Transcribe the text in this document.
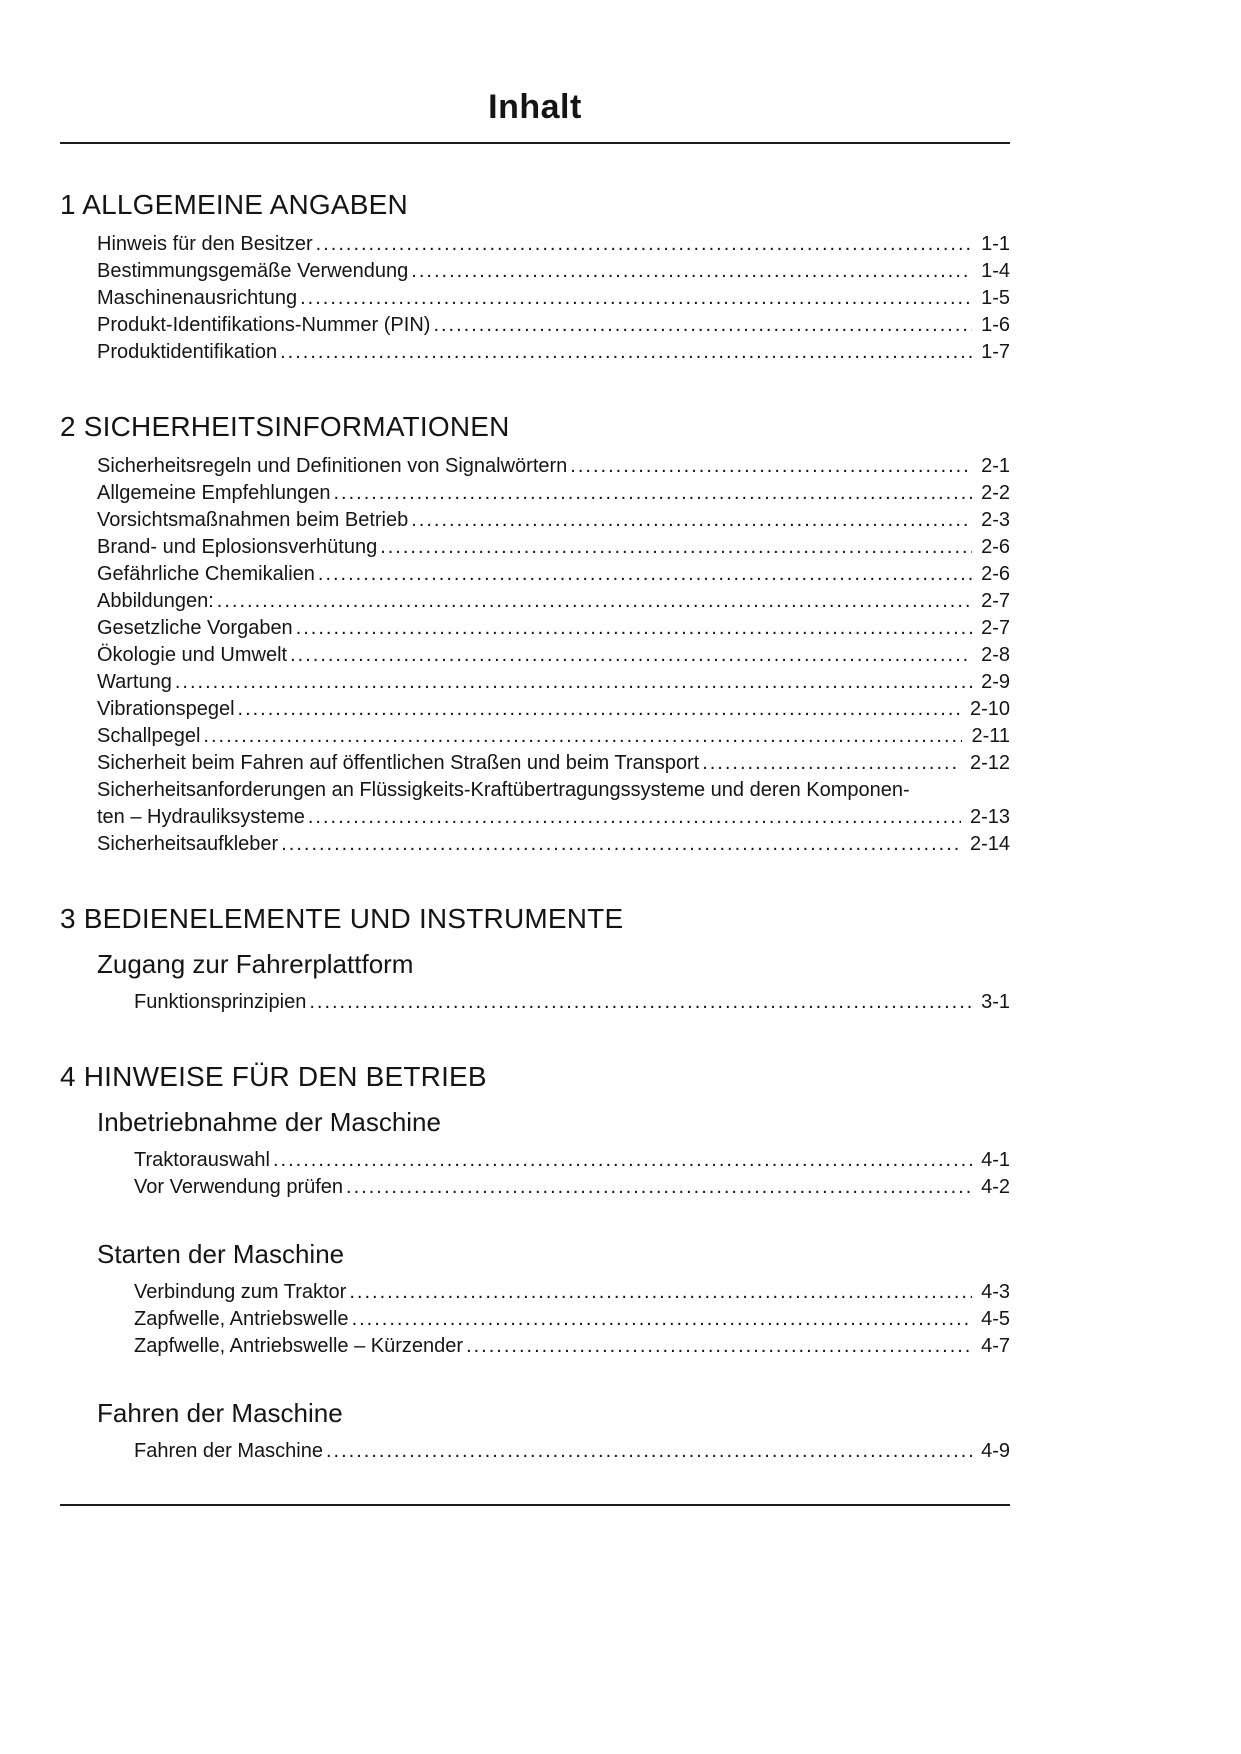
Inhalt
1 ALLGEMEINE ANGABEN
Hinweis für den Besitzer .....	1-1
Bestimmungsgemäße Verwendung .....	1-4
Maschinenausrichtung .....	1-5
Produkt-Identifikations-Nummer (PIN) .....	1-6
Produktidentifikation .....	1-7
2 SICHERHEITSINFORMATIONEN
Sicherheitsregeln und Definitionen von Signalwörtern .....	2-1
Allgemeine Empfehlungen .....	2-2
Vorsichtsmaßnahmen beim Betrieb .....	2-3
Brand- und Eplosionsverhütung .....	2-6
Gefährliche Chemikalien .....	2-6
Abbildungen: .....	2-7
Gesetzliche Vorgaben .....	2-7
Ökologie und Umwelt .....	2-8
Wartung .....	2-9
Vibrationspegel .....	2-10
Schallpegel .....	2-11
Sicherheit beim Fahren auf öffentlichen Straßen und beim Transport .....	2-12
Sicherheitsanforderungen an Flüssigkeits-Kraftübertragungssysteme und deren Komponen-
ten – Hydrauliksysteme .....	2-13
Sicherheitsaufkleber .....	2-14
3 BEDIENELEMENTE UND INSTRUMENTE
Zugang zur Fahrerplattform
Funktionsprinzipien .....	3-1
4 HINWEISE FÜR DEN BETRIEB
Inbetriebnahme der Maschine
Traktorauswahl .....	4-1
Vor Verwendung prüfen .....	4-2
Starten der Maschine
Verbindung zum Traktor .....	4-3
Zapfwelle, Antriebswelle .....	4-5
Zapfwelle, Antriebswelle – Kürzender .....	4-7
Fahren der Maschine
Fahren der Maschine .....	4-9
